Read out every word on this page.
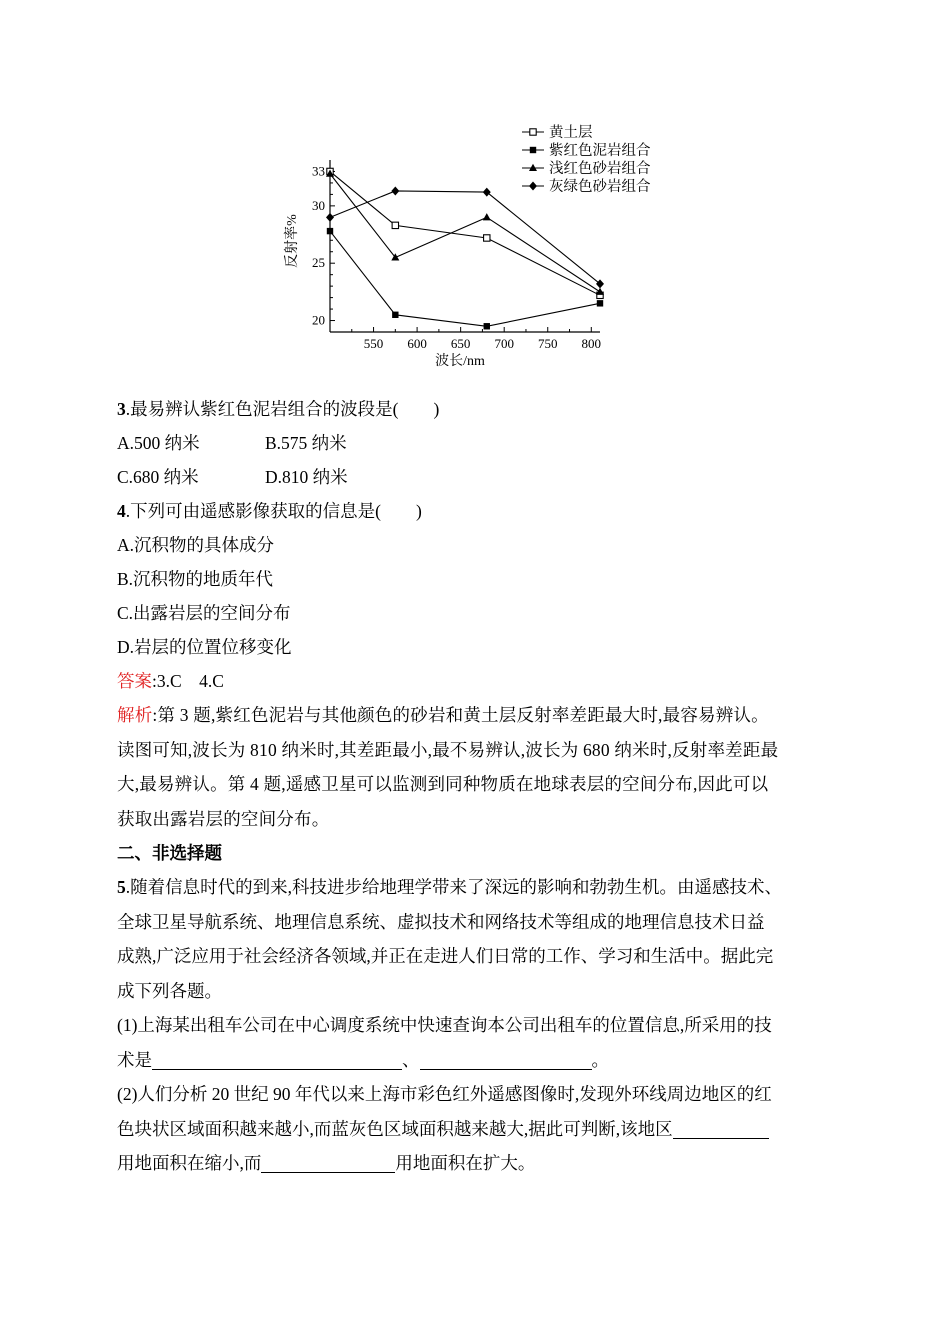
550 600 650 700 750 800
20
25
30
33
波长/nm
反射率%
黄土层
紫红色泥岩组合
浅红色砂岩组合
灰绿色砂岩组合
3.最易辨认紫红色泥岩组合的波段是(　　)
A.500 纳米	B.575 纳米
C.680 纳米	D.810 纳米
4.下列可由遥感影像获取的信息是(　　)
A.沉积物的具体成分
B.沉积物的地质年代
C.出露岩层的空间分布
D.岩层的位置位移变化
答案:3.C　4.C
解析:第 3 题,紫红色泥岩与其他颜色的砂岩和黄土层反射率差距最大时,最容易辨认。
读图可知,波长为 810 纳米时,其差距最小,最不易辨认,波长为 680 纳米时,反射率差距最
大,最易辨认。第 4 题,遥感卫星可以监测到同种物质在地球表层的空间分布,因此可以
获取出露岩层的空间分布。
二、非选择题
5.随着信息时代的到来,科技进步给地理学带来了深远的影响和勃勃生机。由遥感技术、
全球卫星导航系统、地理信息系统、虚拟技术和网络技术等组成的地理信息技术日益
成熟,广泛应用于社会经济各领域,并正在走进人们日常的工作、学习和生活中。据此完
成下列各题。
(1)上海某出租车公司在中心调度系统中快速查询本公司出租车的位置信息,所采用的技
术是	、	。
(2)人们分析 20 世纪 90 年代以来上海市彩色红外遥感图像时,发现外环线周边地区的红
色块状区域面积越来越小,而蓝灰色区域面积越来越大,据此可判断,该地区
用地面积在缩小,而	用地面积在扩大。
